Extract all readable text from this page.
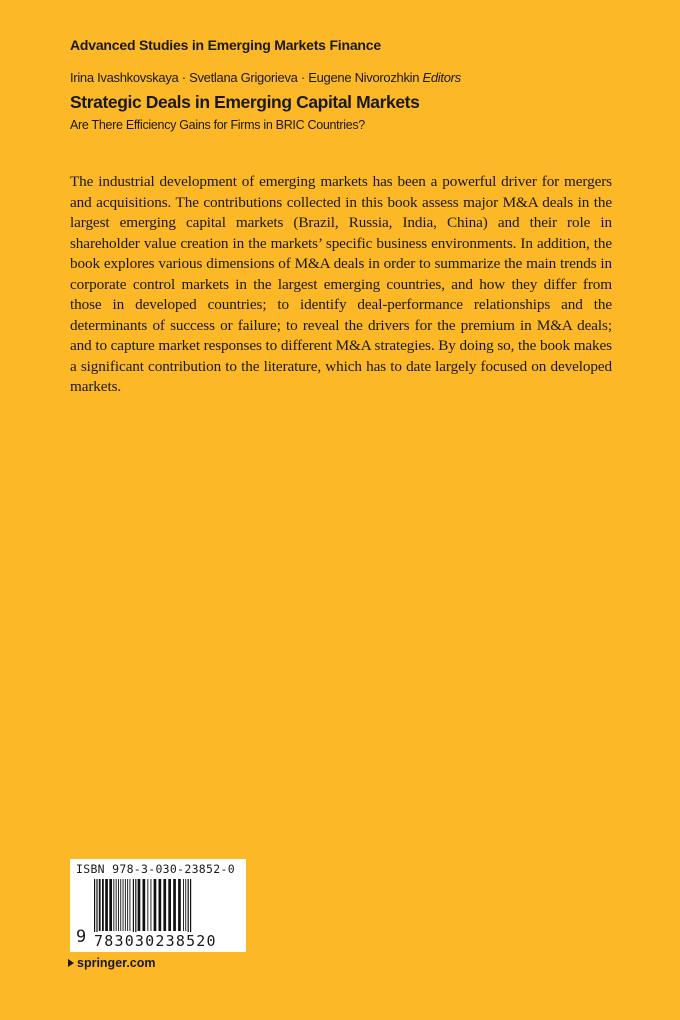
Advanced Studies in Emerging Markets Finance
Irina Ivashkovskaya · Svetlana Grigorieva · Eugene Nivorozhkin Editors
Strategic Deals in Emerging Capital Markets
Are There Efficiency Gains for Firms in BRIC Countries?

The industrial development of emerging markets has been a powerful driver for mergers and acquisitions. The contributions collected in this book assess major M&A deals in the largest emerging capital markets (Brazil, Russia, India, China) and their role in shareholder value creation in the markets’ specific business environments. In addition, the book explores various dimensions of M&A deals in order to summarize the main trends in corporate control markets in the largest emerging countries, and how they differ from those in developed countries; to identify deal-performance relationships and the determinants of success or failure; to reveal the drivers for the premium in M&A deals; and to capture market responses to different M&A strategies. By doing so, the book makes a significant contribution to the literature, which has to date largely focused on developed markets.

ISBN 978-3-030-23852-0
9 783030238520
springer.com
